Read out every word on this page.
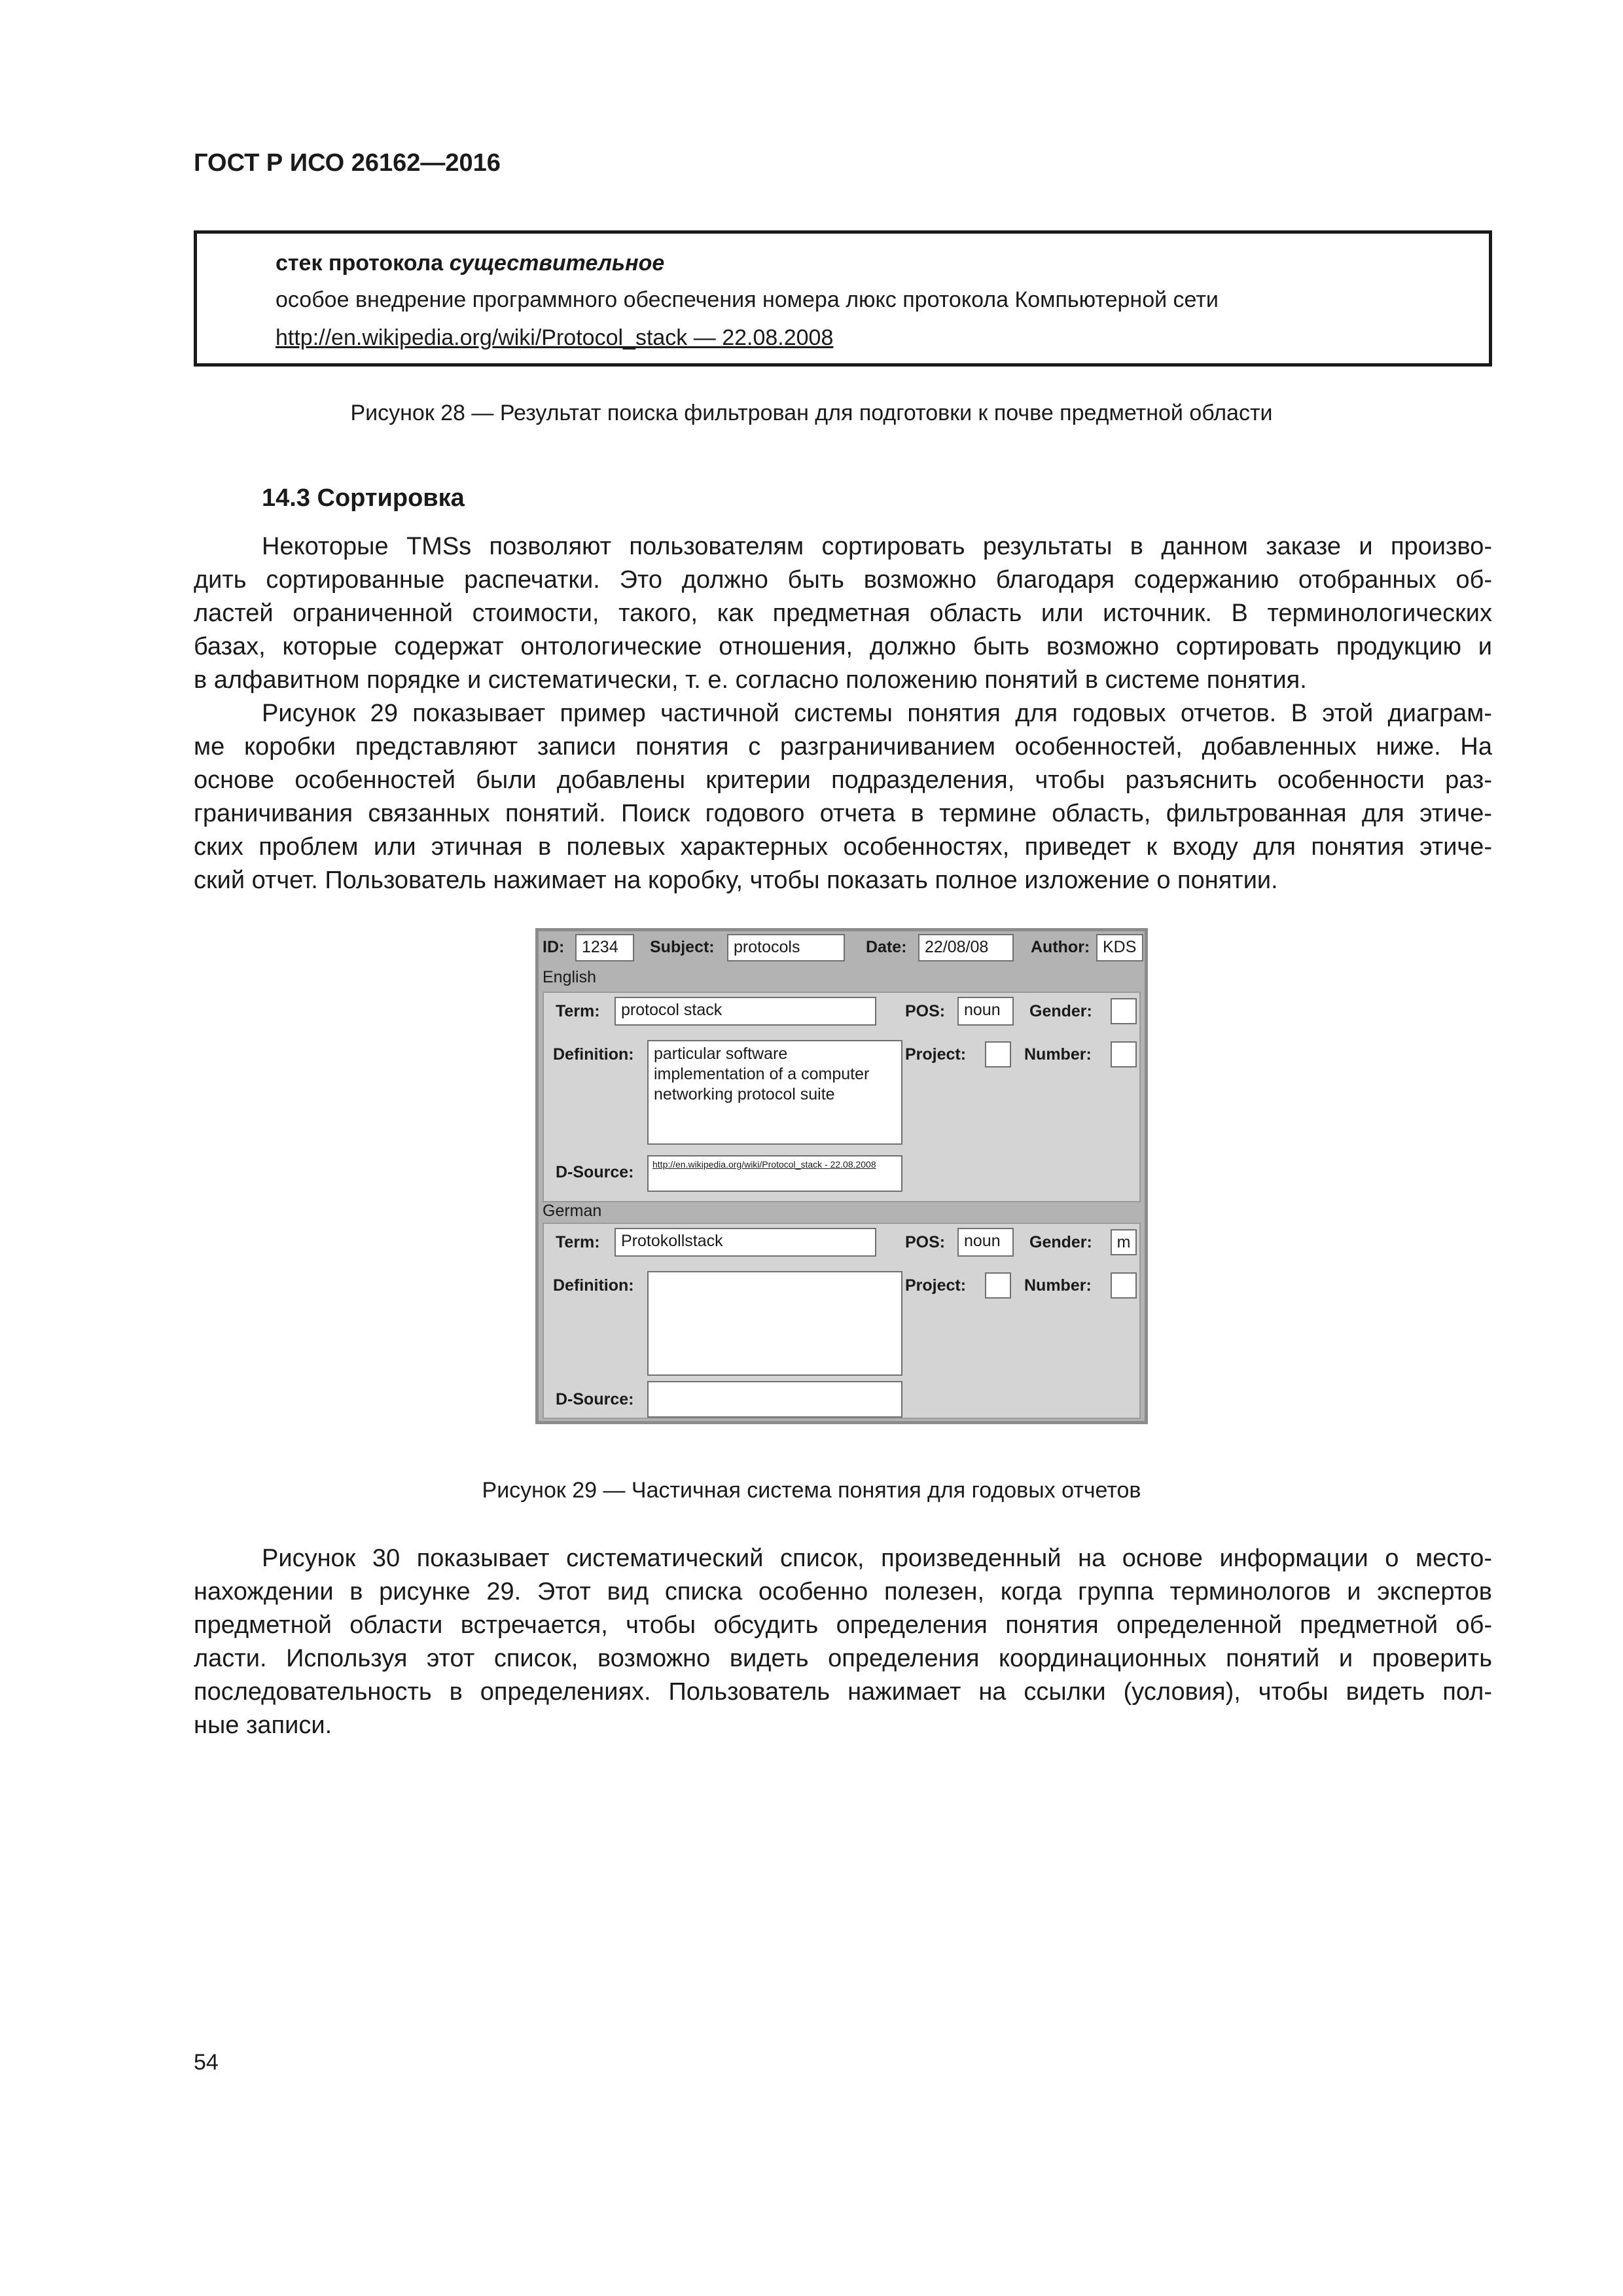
ГОСТ Р ИСО 26162—2016
стек протокола существительное
особое внедрение программного обеспечения номера люкс протокола Компьютерной сети
http://en.wikipedia.org/wiki/Protocol_stack — 22.08.2008
Рисунок 28 — Результат поиска фильтрован для подготовки к почве предметной области
14.3 Сортировка
Некоторые TMSs позволяют пользователям сортировать результаты в данном заказе и произво-
дить сортированные распечатки. Это должно быть возможно благодаря содержанию отобранных об-
ластей ограниченной стоимости, такого, как предметная область или источник. В терминологических
базах, которые содержат онтологические отношения, должно быть возможно сортировать продукцию и
в алфавитном порядке и систематически, т. е. согласно положению понятий в системе понятия.
Рисунок 29 показывает пример частичной системы понятия для годовых отчетов. В этой диаграм-
ме коробки представляют записи понятия с разграничиванием особенностей, добавленных ниже. На
основе особенностей были добавлены критерии подразделения, чтобы разъяснить особенности раз-
граничивания связанных понятий. Поиск годового отчета в термине область, фильтрованная для этиче-
ских проблем или этичная в полевых характерных особенностях, приведет к входу для понятия этиче-
ский отчет. Пользователь нажимает на коробку, чтобы показать полное изложение о понятии.
ID:	1234	Subject:	protocols	Date:	22/08/08	Author: KDS
English
Term:	protocol stack	POS:	noun	Gender:
Definition:	particular software implementation of a computer networking protocol suite
Project:	Number:
D-Source:	http://en.wikipedia.org/wiki/Protocol_stack - 22.08.2008
German
Term:	Protokollstack	POS:	noun	Gender:	m
Definition:	Project:	Number:
D-Source:
Рисунок 29 — Частичная система понятия для годовых отчетов
Рисунок 30 показывает систематический список, произведенный на основе информации о место-
нахождении в рисунке 29. Этот вид списка особенно полезен, когда группа терминологов и экспертов
предметной области встречается, чтобы обсудить определения понятия определенной предметной об-
ласти. Используя этот список, возможно видеть определения координационных понятий и проверить
последовательность в определениях. Пользователь нажимает на ссылки (условия), чтобы видеть пол-
ные записи.
54
